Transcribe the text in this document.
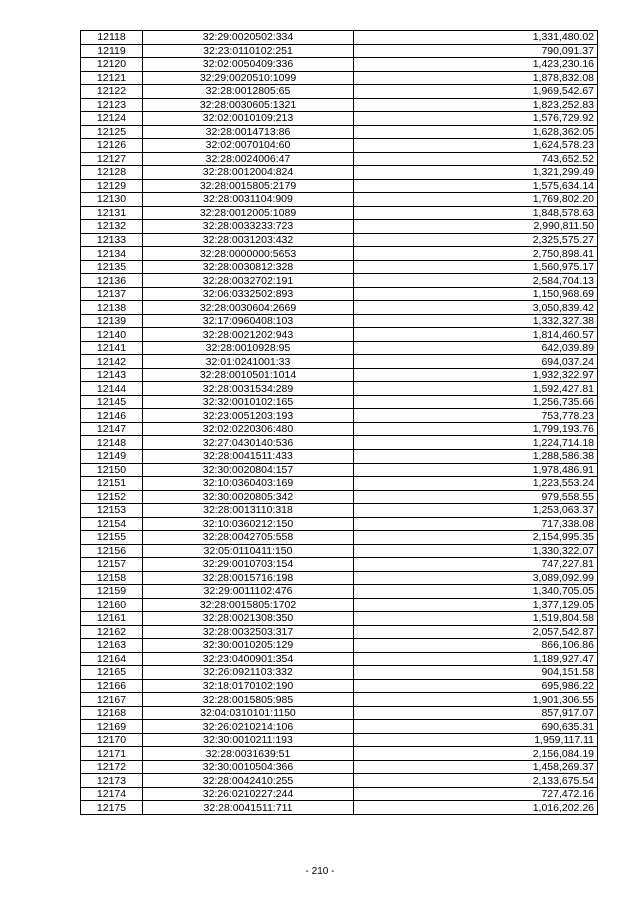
12118	32:29:0020502:334	1,331,480.02
12119	32:23:0110102:251	790,091.37
12120	32:02:0050409:336	1,423,230.16
12121	32:29:0020510:1099	1,878,832.08
12122	32:28:0012805:65	1,969,542.67
12123	32:28:0030605:1321	1,823,252.83
12124	32:02:0010109:213	1,576,729.92
12125	32:28:0014713:86	1,628,362.05
12126	32:02:0070104:60	1,624,578.23
12127	32:28:0024006:47	743,652.52
12128	32:28:0012004:824	1,321,299.49
12129	32:28:0015805:2179	1,575,634.14
12130	32:28:0031104:909	1,769,802.20
12131	32:28:0012005:1089	1,848,578.63
12132	32:28:0033233:723	2,990,811.50
12133	32:28:0031203:432	2,325,575.27
12134	32:28:0000000:5653	2,750,898.41
12135	32:28:0030812:328	1,560,975.17
12136	32:28:0032702:191	2,584,704.13
12137	32:06:0332502:893	1,150,968.69
12138	32:28:0030604:2669	3,050,839.42
12139	32:17:0960408:103	1,332,327.38
12140	32:28:0021202:943	1,814,460.57
12141	32:28:0010928:95	642,039.89
12142	32:01:0241001:33	694,037.24
12143	32:28:0010501:1014	1,932,322.97
12144	32:28:0031534:289	1,592,427.81
12145	32:32:0010102:165	1,256,735.66
12146	32:23:0051203:193	753,778.23
12147	32:02:0220306:480	1,799,193.76
12148	32:27:0430140:536	1,224,714.18
12149	32:28:0041511:433	1,288,586.38
12150	32:30:0020804:157	1,978,486.91
12151	32:10:0360403:169	1,223,553.24
12152	32:30:0020805:342	979,558.55
12153	32:28:0013110:318	1,253,063.37
12154	32:10:0360212:150	717,338.08
12155	32:28:0042705:558	2,154,995.35
12156	32:05:0110411:150	1,330,322.07
12157	32:29:0010703:154	747,227.81
12158	32:28:0015716:198	3,089,092.99
12159	32:29:0011102:476	1,340,705.05
12160	32:28:0015805:1702	1,377,129.05
12161	32:28:0021308:350	1,519,804.58
12162	32:28:0032503:317	2,057,542.87
12163	32:30:0010205:129	866,106.86
12164	32:23:0400901:354	1,189,927.47
12165	32:26:0921103:332	904,151.58
12166	32:18:0170102:190	695,986.22
12167	32:28:0015805:985	1,901,306.55
12168	32:04:0310101:1150	857,917.07
12169	32:26:0210214:106	690,635.31
12170	32:30:0010211:193	1,959,117.11
12171	32:28:0031639:51	2,156,084.19
12172	32:30:0010504:366	1,458,269.37
12173	32:28:0042410:255	2,133,675.54
12174	32:26:0210227:244	727,472.16
12175	32:28:0041511:711	1,016,202.26
- 210 -
